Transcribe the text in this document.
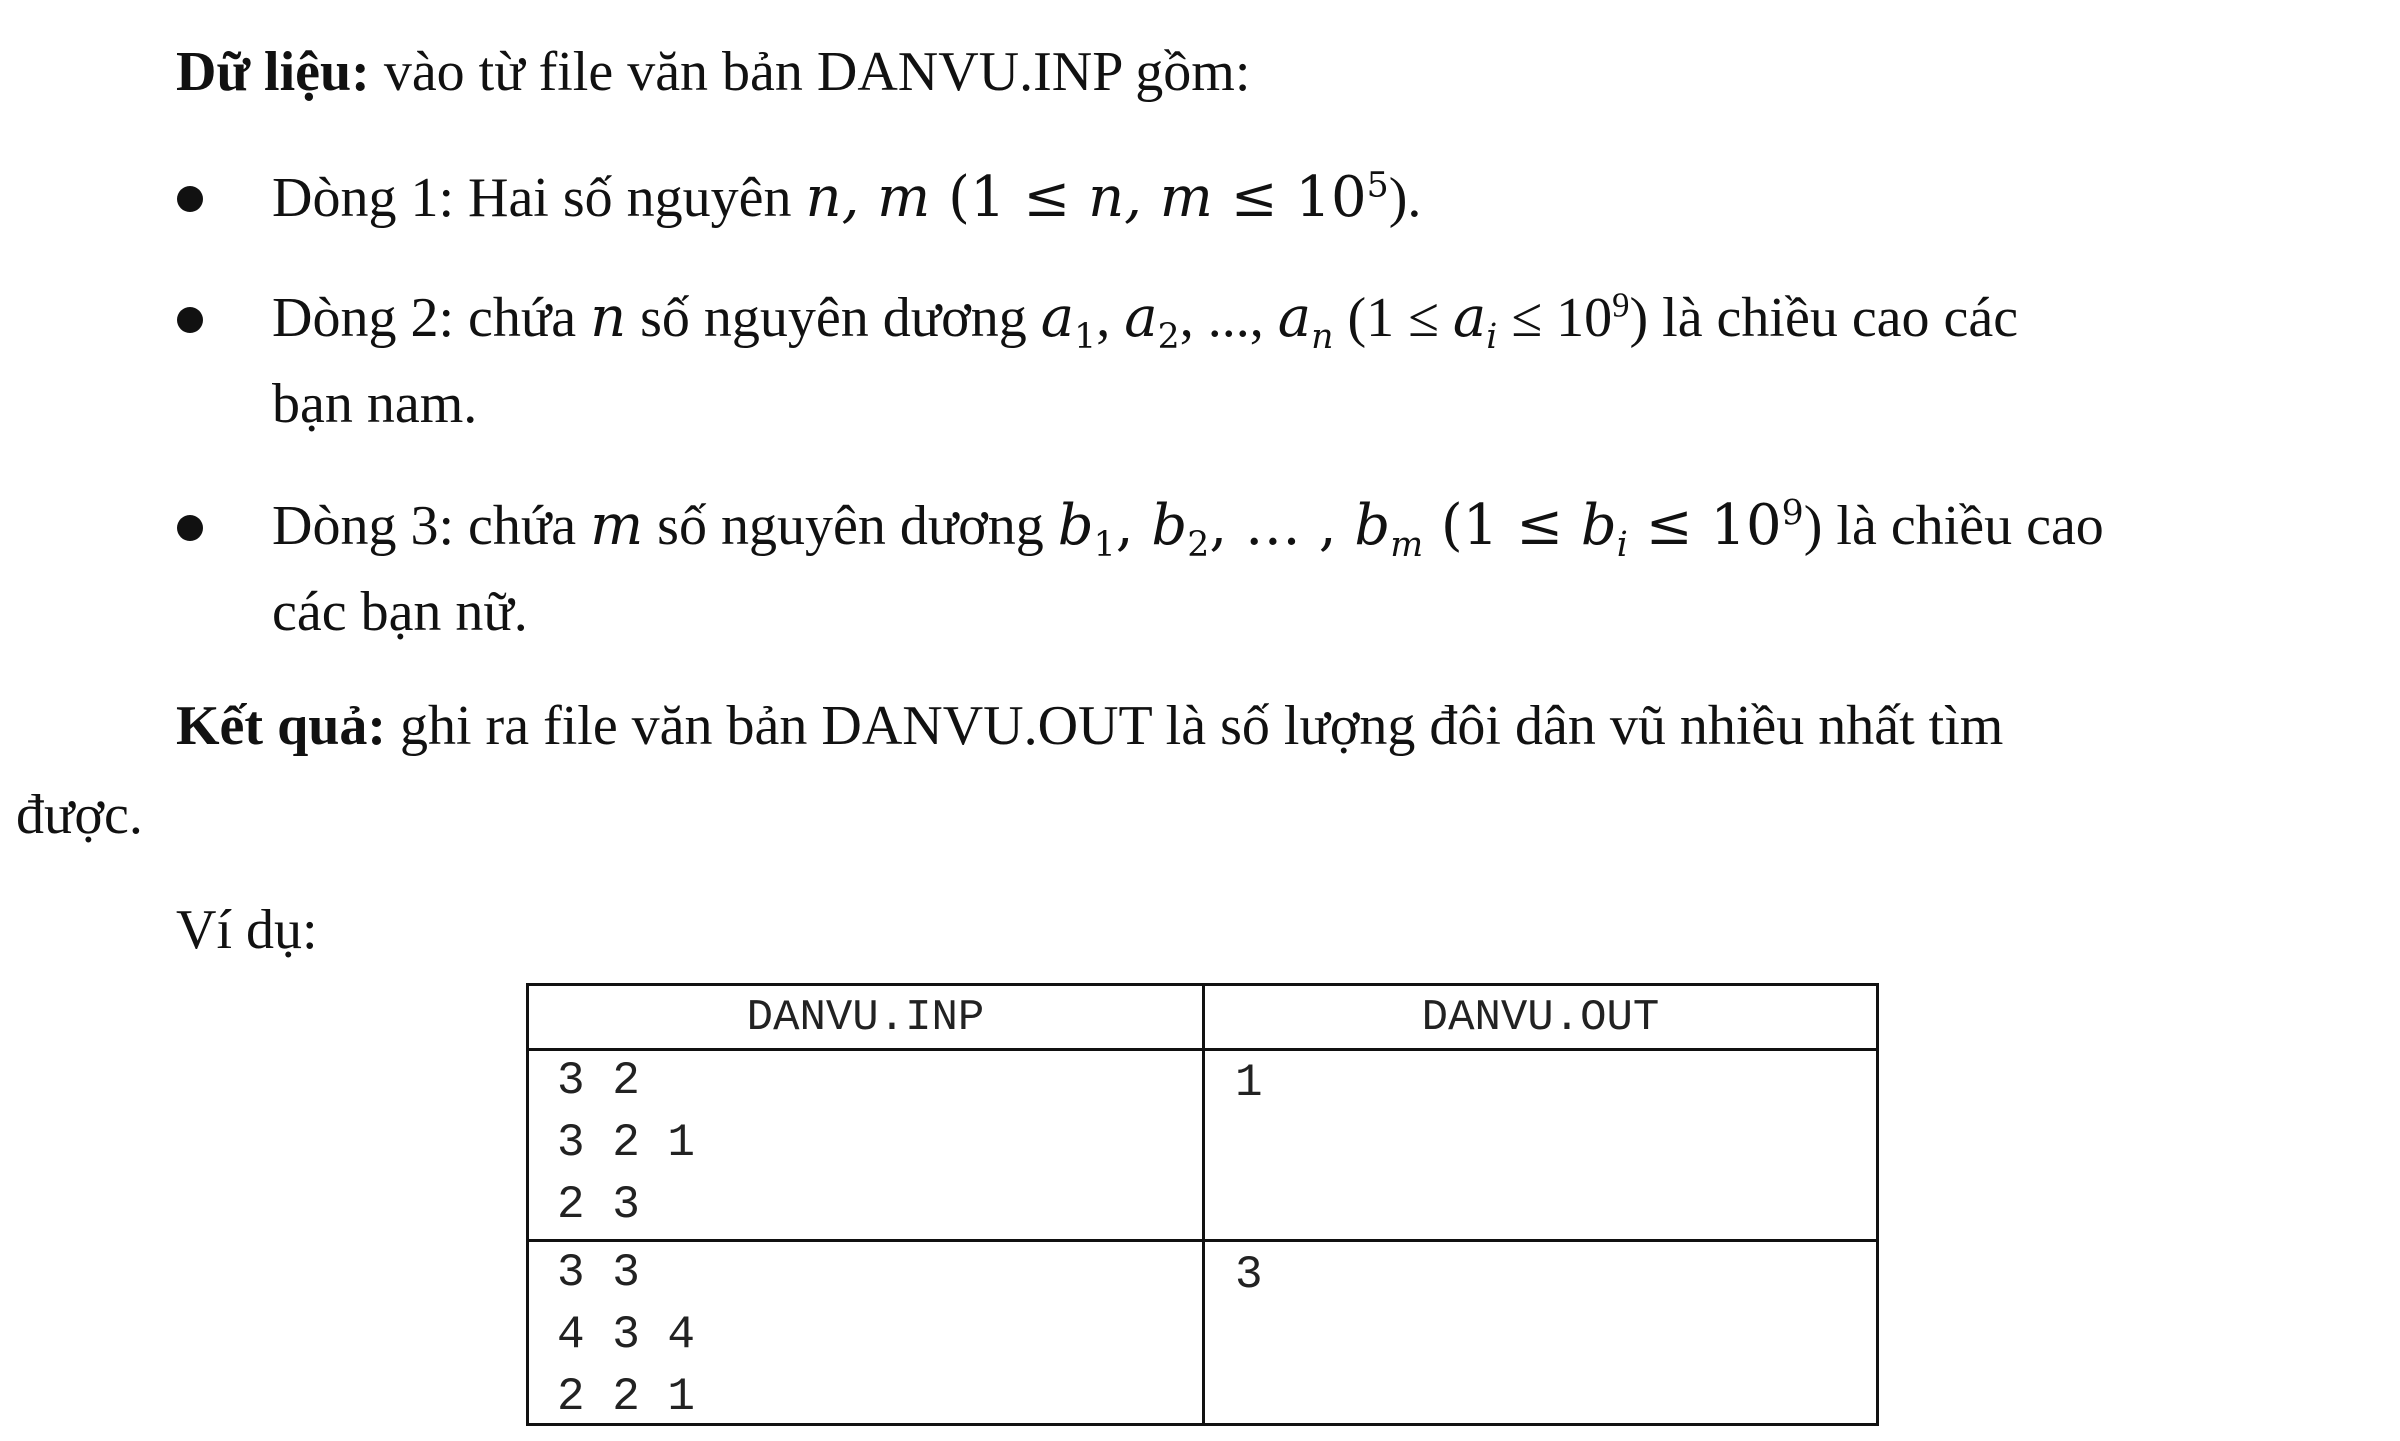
Dữ liệu: vào từ file văn bản DANVU.INP gồm:
Dòng 1: Hai số nguyên n, m (1 ≤ n, $m \le 10^5$).
Dòng 2: chứa n số nguyên dương $a_1$, $a_2$, ..., $a_n$ $(1 \le a_i \le 10^9)$ là chiều cao các
bạn nam.
Dòng 3: chứa m số nguyên dương $b_1$, $b_2$, … , $b_m$ $(1 \le b_i \le 10^9)$ là chiều cao
các bạn nữ.
Kết quả: ghi ra file văn bản DANVU.OUT là số lượng đôi dân vũ nhiều nhất tìm
được.
Ví dụ:
DANVU.INP	DANVU.OUT
3 2
3 2 1
2 3
1
3 3
4 3 4
2 2 1
3
